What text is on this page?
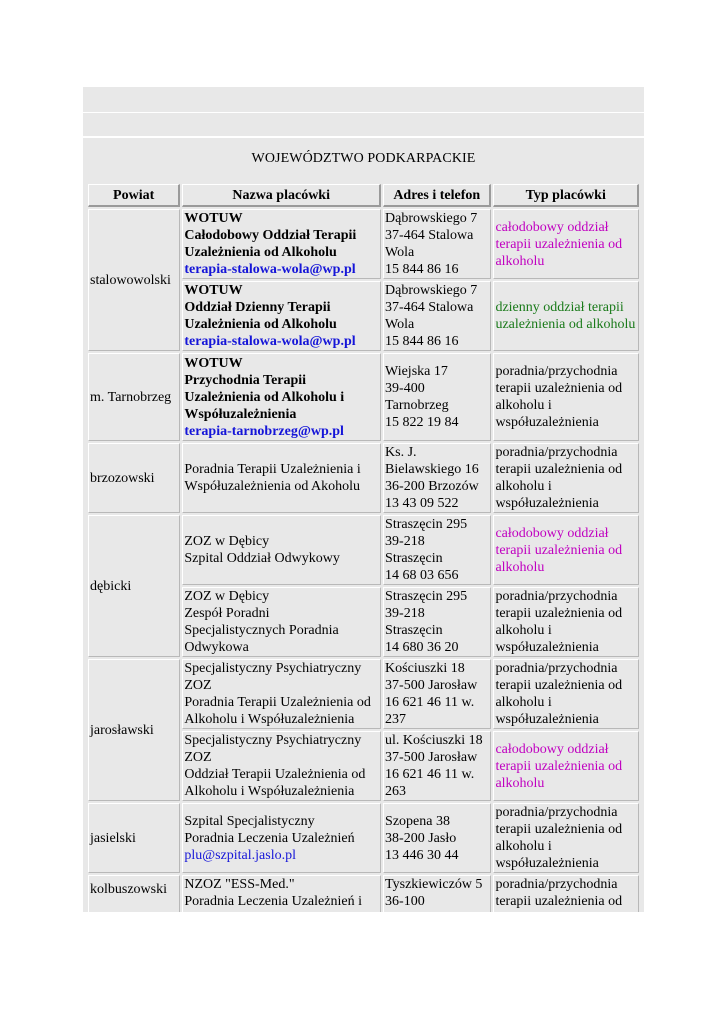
WOJEWÓDZTWO PODKARPACKIE
Powiat	Nazwa placówki	Adres i telefon	Typ placówki
stalowowolski	WOTUW
Całodobowy Oddział Terapii
Uzależnienia od Alkoholu
terapia-stalowa-wola@wp.pl	Dąbrowskiego 7
37-464 Stalowa
Wola
15 844 86 16	całodobowy oddział terapii uzależnienia od alkoholu

	WOTUW
Oddział Dzienny Terapii
Uzależnienia od Alkoholu
terapia-stalowa-wola@wp.pl	Dąbrowskiego 7
37-464 Stalowa
Wola
15 844 86 16	dzienny oddział terapii uzależnienia od alkoholu
m. Tarnobrzeg	WOTUW
Przychodnia Terapii
Uzależnienia od Alkoholu i
Współuzależnienia
terapia-tarnobrzeg@wp.pl	Wiejska 17
39-400
Tarnobrzeg
15 822 19 84	poradnia/przychodnia terapii uzależnienia od alkoholu i współuzależnienia
brzozowski	Poradnia Terapii Uzależnienia i
Współuzależnienia od Akoholu	Ks. J.
Bielawskiego 16
36-200 Brzozów
13 43 09 522	poradnia/przychodnia terapii uzależnienia od alkoholu i współuzależnienia
dębicki	ZOZ w Dębicy
Szpital Oddział Odwykowy	Straszęcin 295
39-218
Straszęcin
14 68 03 656	całodobowy oddział terapii uzależnienia od alkoholu

	ZOZ w Dębicy
Zespół Poradni
Specjalistycznych Poradnia
Odwykowa	Straszęcin 295
39-218
Straszęcin
14 680 36 20	poradnia/przychodnia terapii uzależnienia od alkoholu i współuzależnienia
jarosławski	Specjalistyczny Psychiatryczny
ZOZ
Poradnia Terapii Uzależnienia od
Alkoholu i Współuzależnienia	Kościuszki 18
37-500 Jarosław
16 621 46 11 w.
237	poradnia/przychodnia terapii uzależnienia od alkoholu i współuzależnienia

	Specjalistyczny Psychiatryczny
ZOZ
Oddział Terapii Uzależnienia od
Alkoholu i Współuzależnienia	ul. Kościuszki 18
37-500 Jarosław
16 621 46 11 w.
263	całodobowy oddział terapii uzależnienia od alkoholu
jasielski	Szpital Specjalistyczny
Poradnia Leczenia Uzależnień
plu@szpital.jaslo.pl	Szopena 38
38-200 Jasło
13 446 30 44	poradnia/przychodnia terapii uzależnienia od alkoholu i współuzależnienia
kolbuszowski	NZOZ "ESS-Med."
Poradnia Leczenia Uzależnień i	Tyszkiewiczów 5
36-100	poradnia/przychodnia terapii uzależnienia od
